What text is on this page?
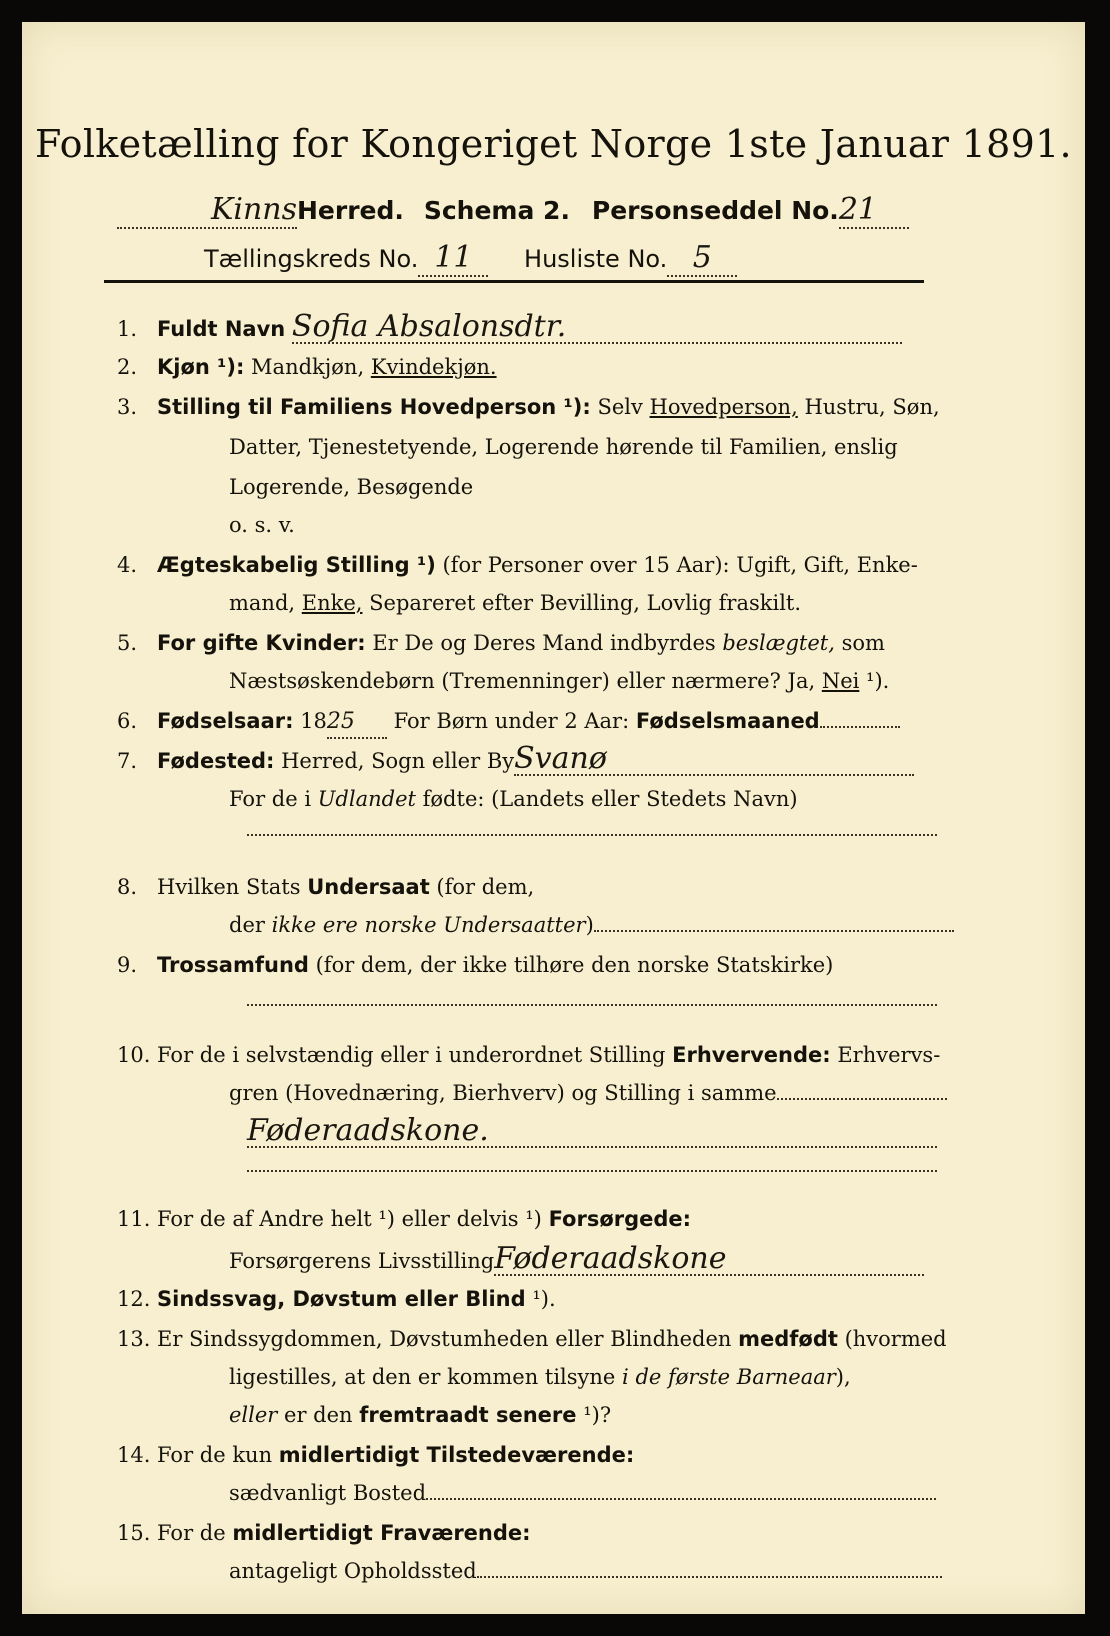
Folketælling for Kongeriget Norge 1ste Januar 1891.
KinnsHerred. Schema 2. Personseddel No.21
Tællingskreds No. 11 Husliste No. 5
1. Fuldt Navn Sofia Absalonsdtr.
2. Kjøn ¹): Mandkjøn, Kvindekjøn.
3. Stilling til Familiens Hovedperson ¹): Selv Hovedperson, Hustru, Søn,
Datter, Tjenestetyende, Logerende hørende til Familien, enslig
Logerende, Besøgende
o. s. v.
4. Ægteskabelig Stilling ¹) (for Personer over 15 Aar): Ugift, Gift, Enke-
mand, Enke, Separeret efter Bevilling, Lovlig fraskilt.
5. For gifte Kvinder: Er De og Deres Mand indbyrdes beslægtet, som
Næstsøskendebørn (Tremenninger) eller nærmere? Ja, Nei ¹).
6. Fødselsaar: 1825 For Børn under 2 Aar: Fødselsmaaned
7. Fødested: Herred, Sogn eller BySvanø
For de i Udlandet fødte: (Landets eller Stedets Navn)
8. Hvilken Stats Undersaat (for dem,
der ikke ere norske Undersaatter)
9. Trossamfund (for dem, der ikke tilhøre den norske Statskirke)
10. For de i selvstændig eller i underordnet Stilling Erhvervende: Erhvervs-
gren (Hovednæring, Bierhverv) og Stilling i samme
Føderaadskone.
11. For de af Andre helt ¹) eller delvis ¹) Forsørgede:
Forsørgerens LivsstillingFøderaadskone
12. Sindssvag, Døvstum eller Blind ¹).
13. Er Sindssygdommen, Døvstumheden eller Blindheden medfødt (hvormed
ligestilles, at den er kommen tilsyne i de første Barneaar),
eller er den fremtraadt senere ¹)?
14. For de kun midlertidigt Tilstedeværende:
sædvanligt Bosted
15. For de midlertidigt Fraværende:
antageligt Opholdssted
